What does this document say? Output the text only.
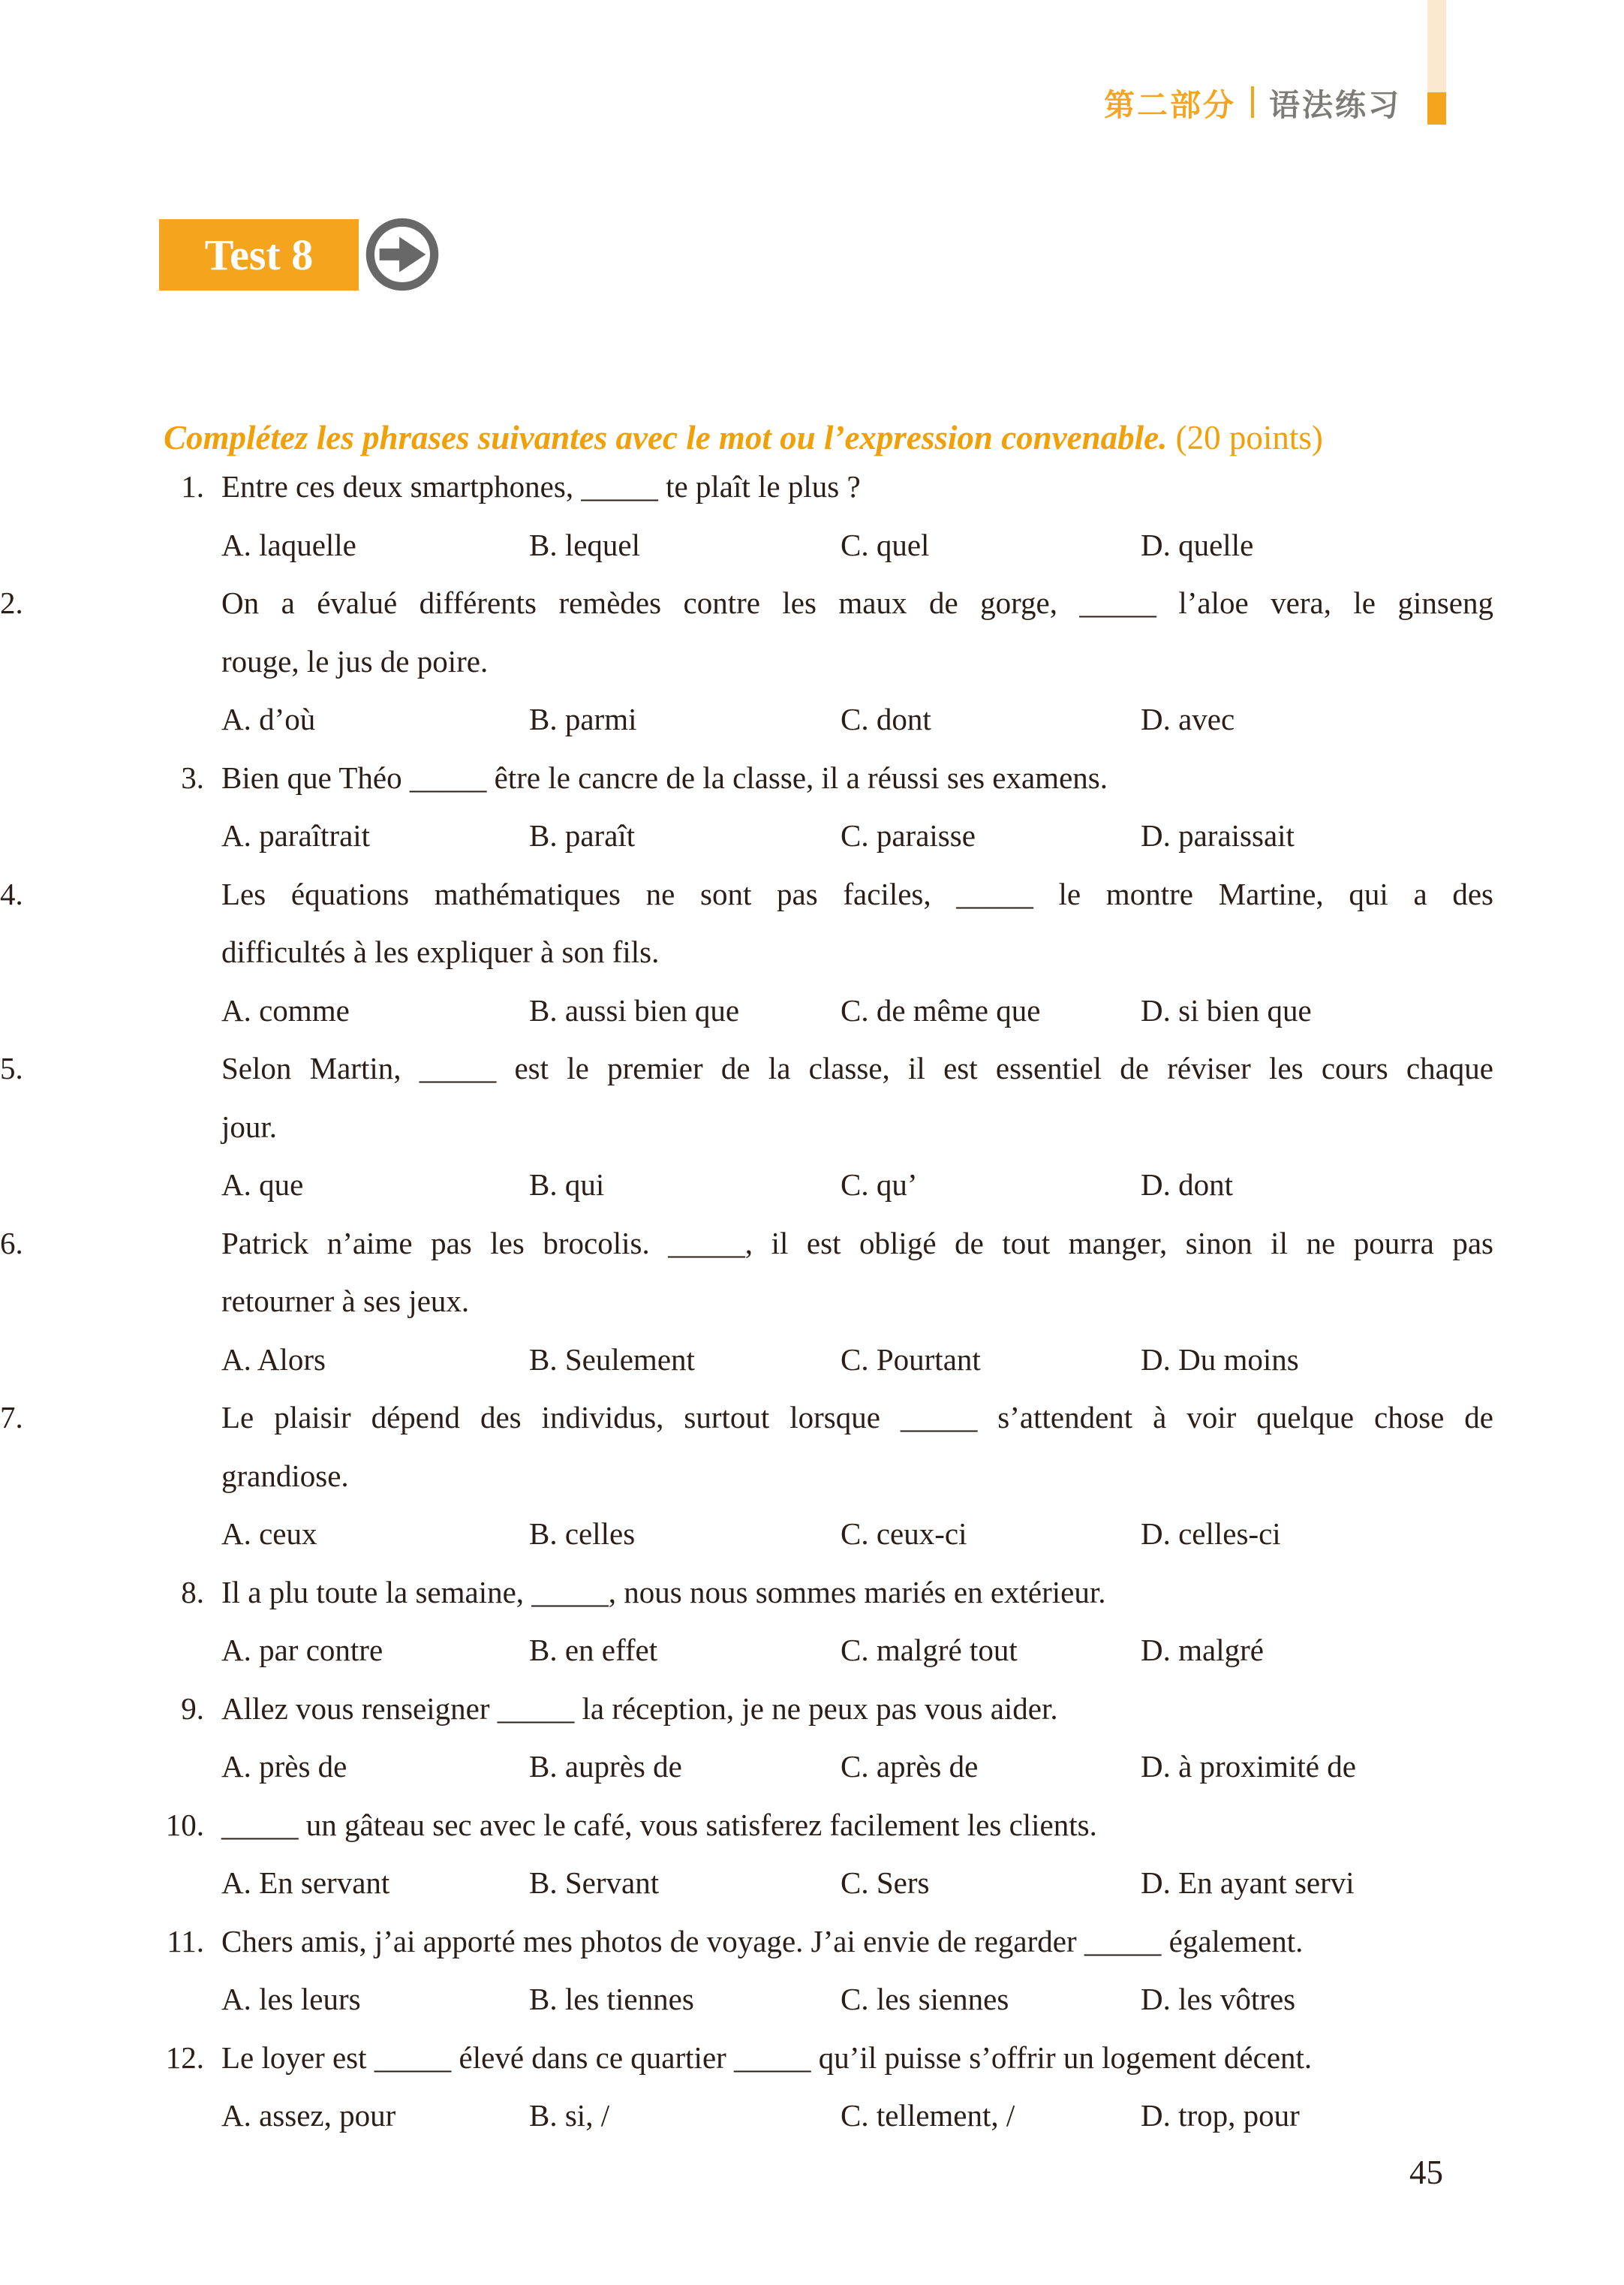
第二部分 语法练习
Test 8
Complétez les phrases suivantes avec le mot ou l’expression convenable. (20 points)
1. Entre ces deux smartphones, _____ te plaît le plus ?
A. laquelle	B. lequel	C. quel	D. quelle
2.	On a évalué différents remèdes contre les maux de gorge, _____ l’aloe vera, le ginseng
rouge, le jus de poire.
A. d’où	B. parmi	C. dont	D. avec
3. Bien que Théo _____ être le cancre de la classe, il a réussi ses examens.
A. paraîtrait	B. paraît	C. paraisse	D. paraissait
4.	Les équations mathématiques ne sont pas faciles, _____ le montre Martine, qui a des
difficultés à les expliquer à son fils.
A. comme	B. aussi bien que	C. de même que	D. si bien que
5.	Selon Martin, _____ est le premier de la classe, il est essentiel de réviser les cours chaque
jour.
A. que	B. qui	C. qu’	D. dont
6.	Patrick n’aime pas les brocolis. _____, il est obligé de tout manger, sinon il ne pourra pas
retourner à ses jeux.
A. Alors	B. Seulement	C. Pourtant	D. Du moins
7.	Le plaisir dépend des individus, surtout lorsque _____ s’attendent à voir quelque chose de
grandiose.
A. ceux	B. celles	C. ceux-ci	D. celles-ci
8. Il a plu toute la semaine, _____, nous nous sommes mariés en extérieur.
A. par contre	B. en effet	C. malgré tout	D. malgré
9. Allez vous renseigner _____ la réception, je ne peux pas vous aider.
A. près de	B. auprès de	C. après de	D. à proximité de
10. _____ un gâteau sec avec le café, vous satisferez facilement les clients.
A. En servant	B. Servant	C. Sers	D. En ayant servi
11. Chers amis, j’ai apporté mes photos de voyage. J’ai envie de regarder _____ également.
A. les leurs	B. les tiennes	C. les siennes	D. les vôtres
12. Le loyer est _____ élevé dans ce quartier _____ qu’il puisse s’offrir un logement décent.
A. assez, pour	B. si, /	C. tellement, /	D. trop, pour
45
